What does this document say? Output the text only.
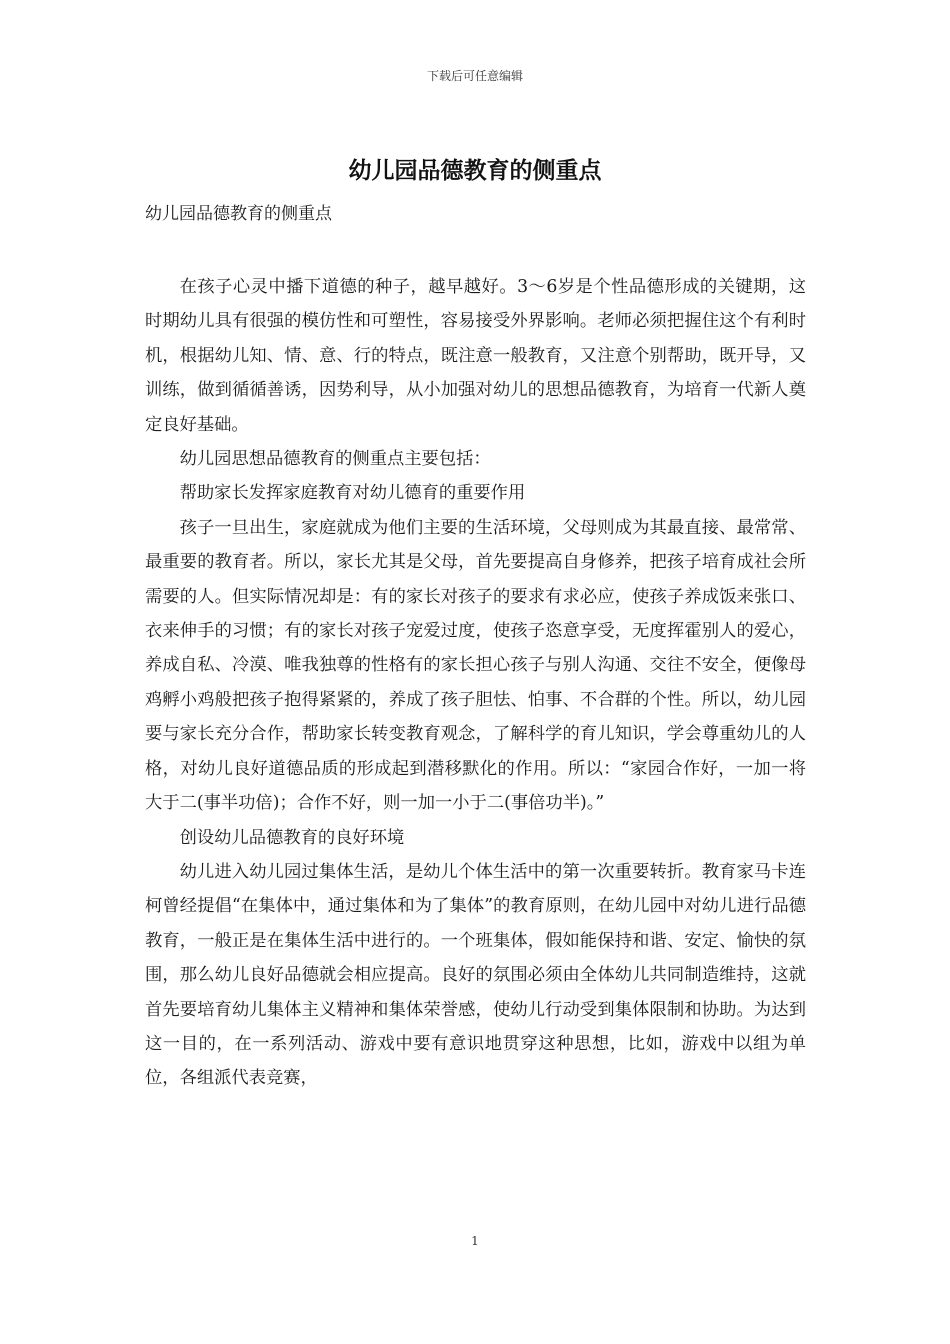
下载后可任意编辑
幼儿园品德教育的侧重点

幼儿园品德教育的侧重点

在孩子心灵中播下道德的种子，越早越好。3～6岁是个性品德形成的关键期，这时期幼儿具有很强的模仿性和可塑性，容易接受外界影响。老师必须把握住这个有利时机，根据幼儿知、情、意、行的特点，既注意一般教育，又注意个别帮助，既开导，又训练，做到循循善诱，因势利导，从小加强对幼儿的思想品德教育，为培育一代新人奠定良好基础。

幼儿园思想品德教育的侧重点主要包括：

帮助家长发挥家庭教育对幼儿德育的重要作用

孩子一旦出生，家庭就成为他们主要的生活环境，父母则成为其最直接、最常常、最重要的教育者。所以，家长尤其是父母，首先要提高自身修养，把孩子培育成社会所需要的人。但实际情况却是：有的家长对孩子的要求有求必应，使孩子养成饭来张口、衣来伸手的习惯；有的家长对孩子宠爱过度，使孩子恣意享受，无度挥霍别人的爱心，养成自私、冷漠、唯我独尊的性格有的家长担心孩子与别人沟通、交往不安全，便像母鸡孵小鸡般把孩子抱得紧紧的，养成了孩子胆怯、怕事、不合群的个性。所以，幼儿园要与家长充分合作，帮助家长转变教育观念，了解科学的育儿知识，学会尊重幼儿的人格，对幼儿良好道德品质的形成起到潜移默化的作用。所以：“家园合作好，一加一将大于二(事半功倍)；合作不好，则一加一小于二(事倍功半)。”

创设幼儿品德教育的良好环境

幼儿进入幼儿园过集体生活，是幼儿个体生活中的第一次重要转折。教育家马卡连柯曾经提倡“在集体中，通过集体和为了集体”的教育原则，在幼儿园中对幼儿进行品德教育，一般正是在集体生活中进行的。一个班集体，假如能保持和谐、安定、愉快的氛围，那么幼儿良好品德就会相应提高。良好的氛围必须由全体幼儿共同制造维持，这就首先要培育幼儿集体主义精神和集体荣誉感，使幼儿行动受到集体限制和协助。为达到这一目的，在一系列活动、游戏中要有意识地贯穿这种思想，比如，游戏中以组为单位，各组派代表竞赛，

1
